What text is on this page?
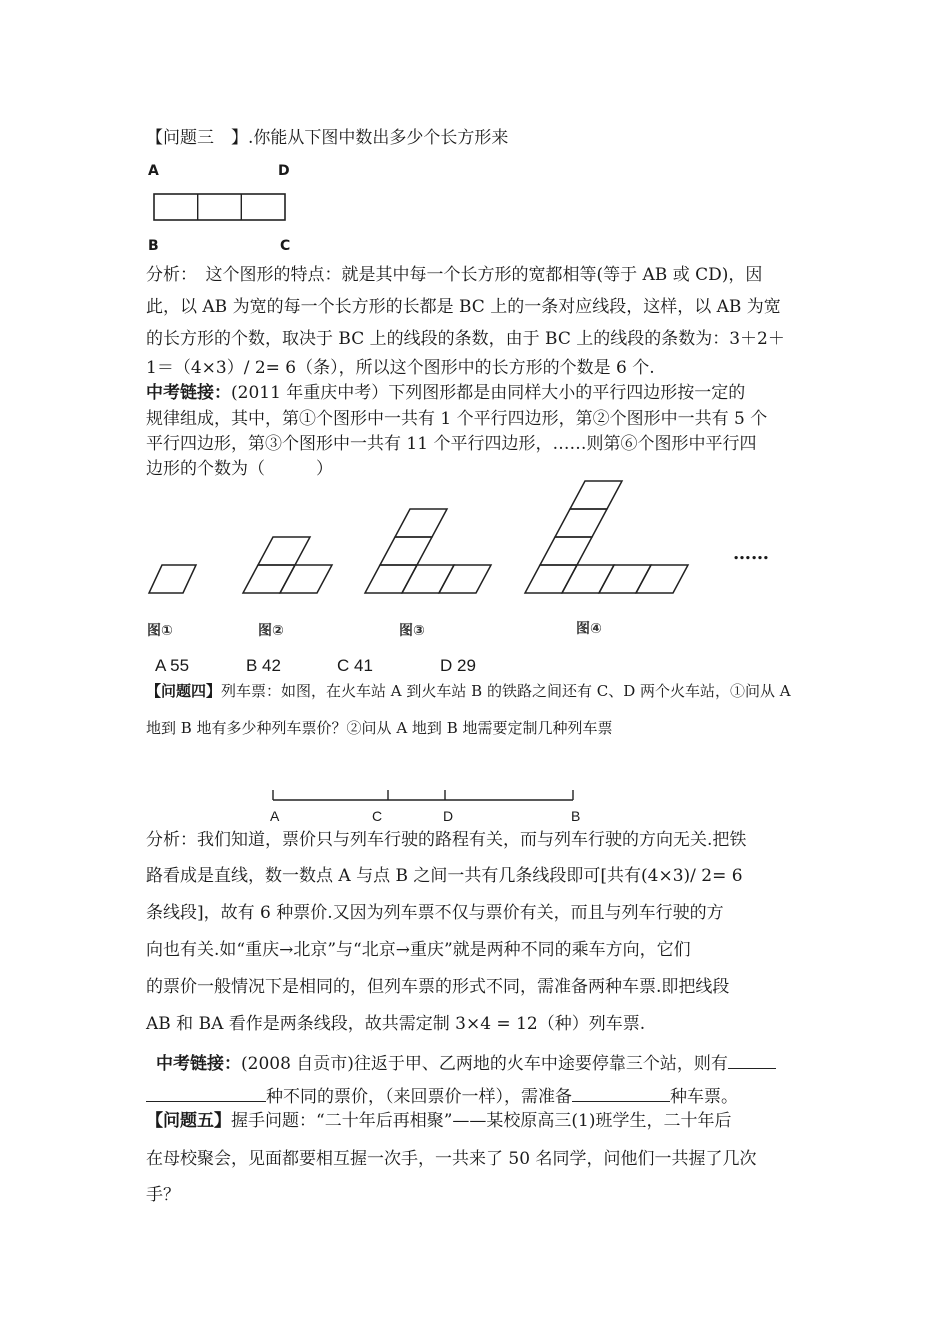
【问题三　】.你能从下图中数出多少个长方形来
A	D
B	C
分析：　这个图形的特点：就是其中每一个长方形的宽都相等(等于 AB 或 CD)，因
此，以 AB 为宽的每一个长方形的长都是 BC 上的一条对应线段，这样，以 AB 为宽
的长方形的个数，取决于 BC 上的线段的条数，由于 BC 上的线段的条数为：3＋2＋
1＝（4×3）/ 2= 6（条），所以这个图形中的长方形的个数是 6 个.
中考链接：(2011 年重庆中考）下列图形都是由同样大小的平行四边形按一定的
规律组成，其中，第①个图形中一共有 1 个平行四边形，第②个图形中一共有 5 个
平行四边形，第③个图形中一共有 11 个平行四边形，……则第⑥个图形中平行四
边形的个数为（　　　）
……
图①	图②	图③	图④
A 55	B 42	C 41	D 29
【问题四】列车票：如图，在火车站 A 到火车站 B 的铁路之间还有 C、D 两个火车站，①问从 A
地到 B 地有多少种列车票价？②问从 A 地到 B 地需要定制几种列车票
A	C	D	B
分析：我们知道，票价只与列车行驶的路程有关，而与列车行驶的方向无关.把铁
路看成是直线，数一数点 A 与点 B 之间一共有几条线段即可[共有(4×3)/ 2= 6
条线段]，故有 6 种票价.又因为列车票不仅与票价有关，而且与列车行驶的方
向也有关.如“重庆→北京”与“北京→重庆”就是两种不同的乘车方向，它们
的票价一般情况下是相同的，但列车票的形式不同，需准备两种车票.即把线段
AB 和 BA 看作是两条线段，故共需定制 3×4 = 12（种）列车票.
中考链接：(2008 自贡市)往返于甲、乙两地的火车中途要停靠三个站，则有
种不同的票价，（来回票价一样），需准备	种车票。
【问题五】握手问题：“二十年后再相聚”——某校原高三(1)班学生，二十年后
在母校聚会，见面都要相互握一次手，一共来了 50 名同学，问他们一共握了几次
手？
